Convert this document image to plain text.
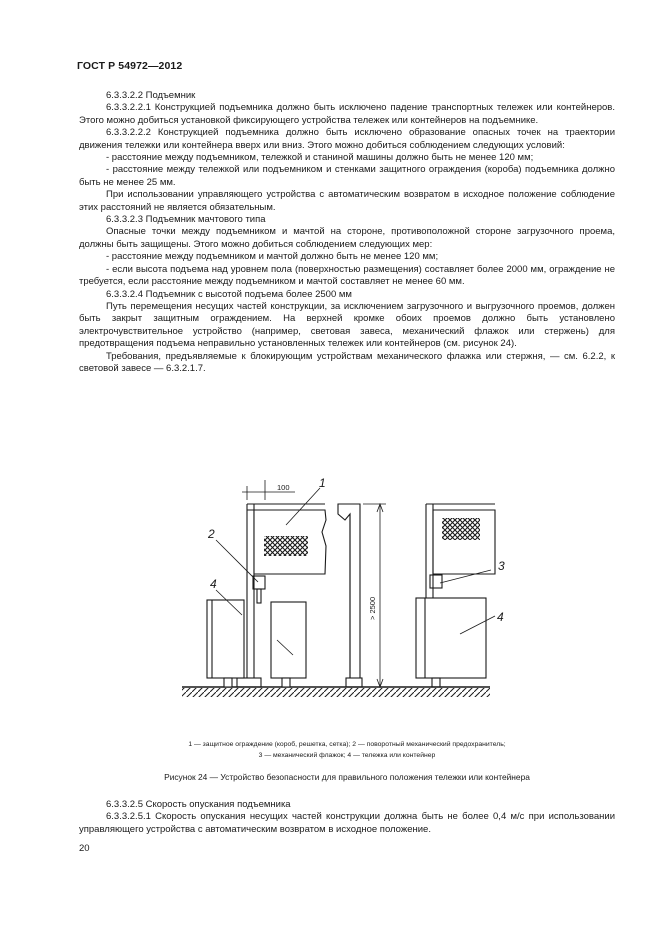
ГОСТ Р 54972—2012

6.3.3.2.2 Подъемник

6.3.3.2.2.1 Конструкцией подъемника должно быть исключено падение транспортных тележек или контейнеров. Этого можно добиться установкой фиксирующего устройства тележек или контейнеров на подъемнике.

6.3.3.2.2.2 Конструкцией подъемника должно быть исключено образование опасных точек на траектории движения тележки или контейнера вверх или вниз. Этого можно добиться соблюдением следующих условий:

- расстояние между подъемником, тележкой и станиной машины должно быть не менее 120 мм;

- расстояние между тележкой или подъемником и стенками защитного ограждения (короба) подъемника должно быть не менее 25 мм.

При использовании управляющего устройства с автоматическим возвратом в исходное положение соблюдение этих расстояний не является обязательным.

6.3.3.2.3 Подъемник мачтового типа

Опасные точки между подъемником и мачтой на стороне, противоположной стороне загрузочного проема, должны быть защищены. Этого можно добиться соблюдением следующих мер:

- расстояние между подъемником и мачтой должно быть не менее 120 мм;

- если высота подъема над уровнем пола (поверхностью размещения) составляет более 2000 мм, ограждение не требуется, если расстояние между подъемником и мачтой составляет не менее 60 мм.

6.3.3.2.4 Подъемник с высотой подъема более 2500 мм

Путь перемещения несущих частей конструкции, за исключением загрузочного и выгрузочного проемов, должен быть закрыт защитным ограждением. На верхней кромке обоих проемов должно быть установлено электрочувствительное устройство (например, световая завеса, механический флажок или стержень) для предотвращения подъема неправильно установленных тележек или контейнеров (см. рисунок 24).

Требования, предъявляемые к блокирующим устройствам механического флажка или стержня, — см. 6.2.2, к световой завесе — 6.3.2.1.7.

100
> 2500
1
2
3
4
4
1 — защитное ограждение (короб, решетка, сетка); 2 — поворотный механический предохранитель;
3 — механический флажок; 4 — тележка или контейнер
Рисунок 24 — Устройство безопасности для правильного положения тележки или контейнера

6.3.3.2.5 Скорость опускания подъемника

6.3.3.2.5.1 Скорость опускания несущих частей конструкции должна быть не более 0,4 м/с при использовании управляющего устройства с автоматическим возвратом в исходное положение.

20
